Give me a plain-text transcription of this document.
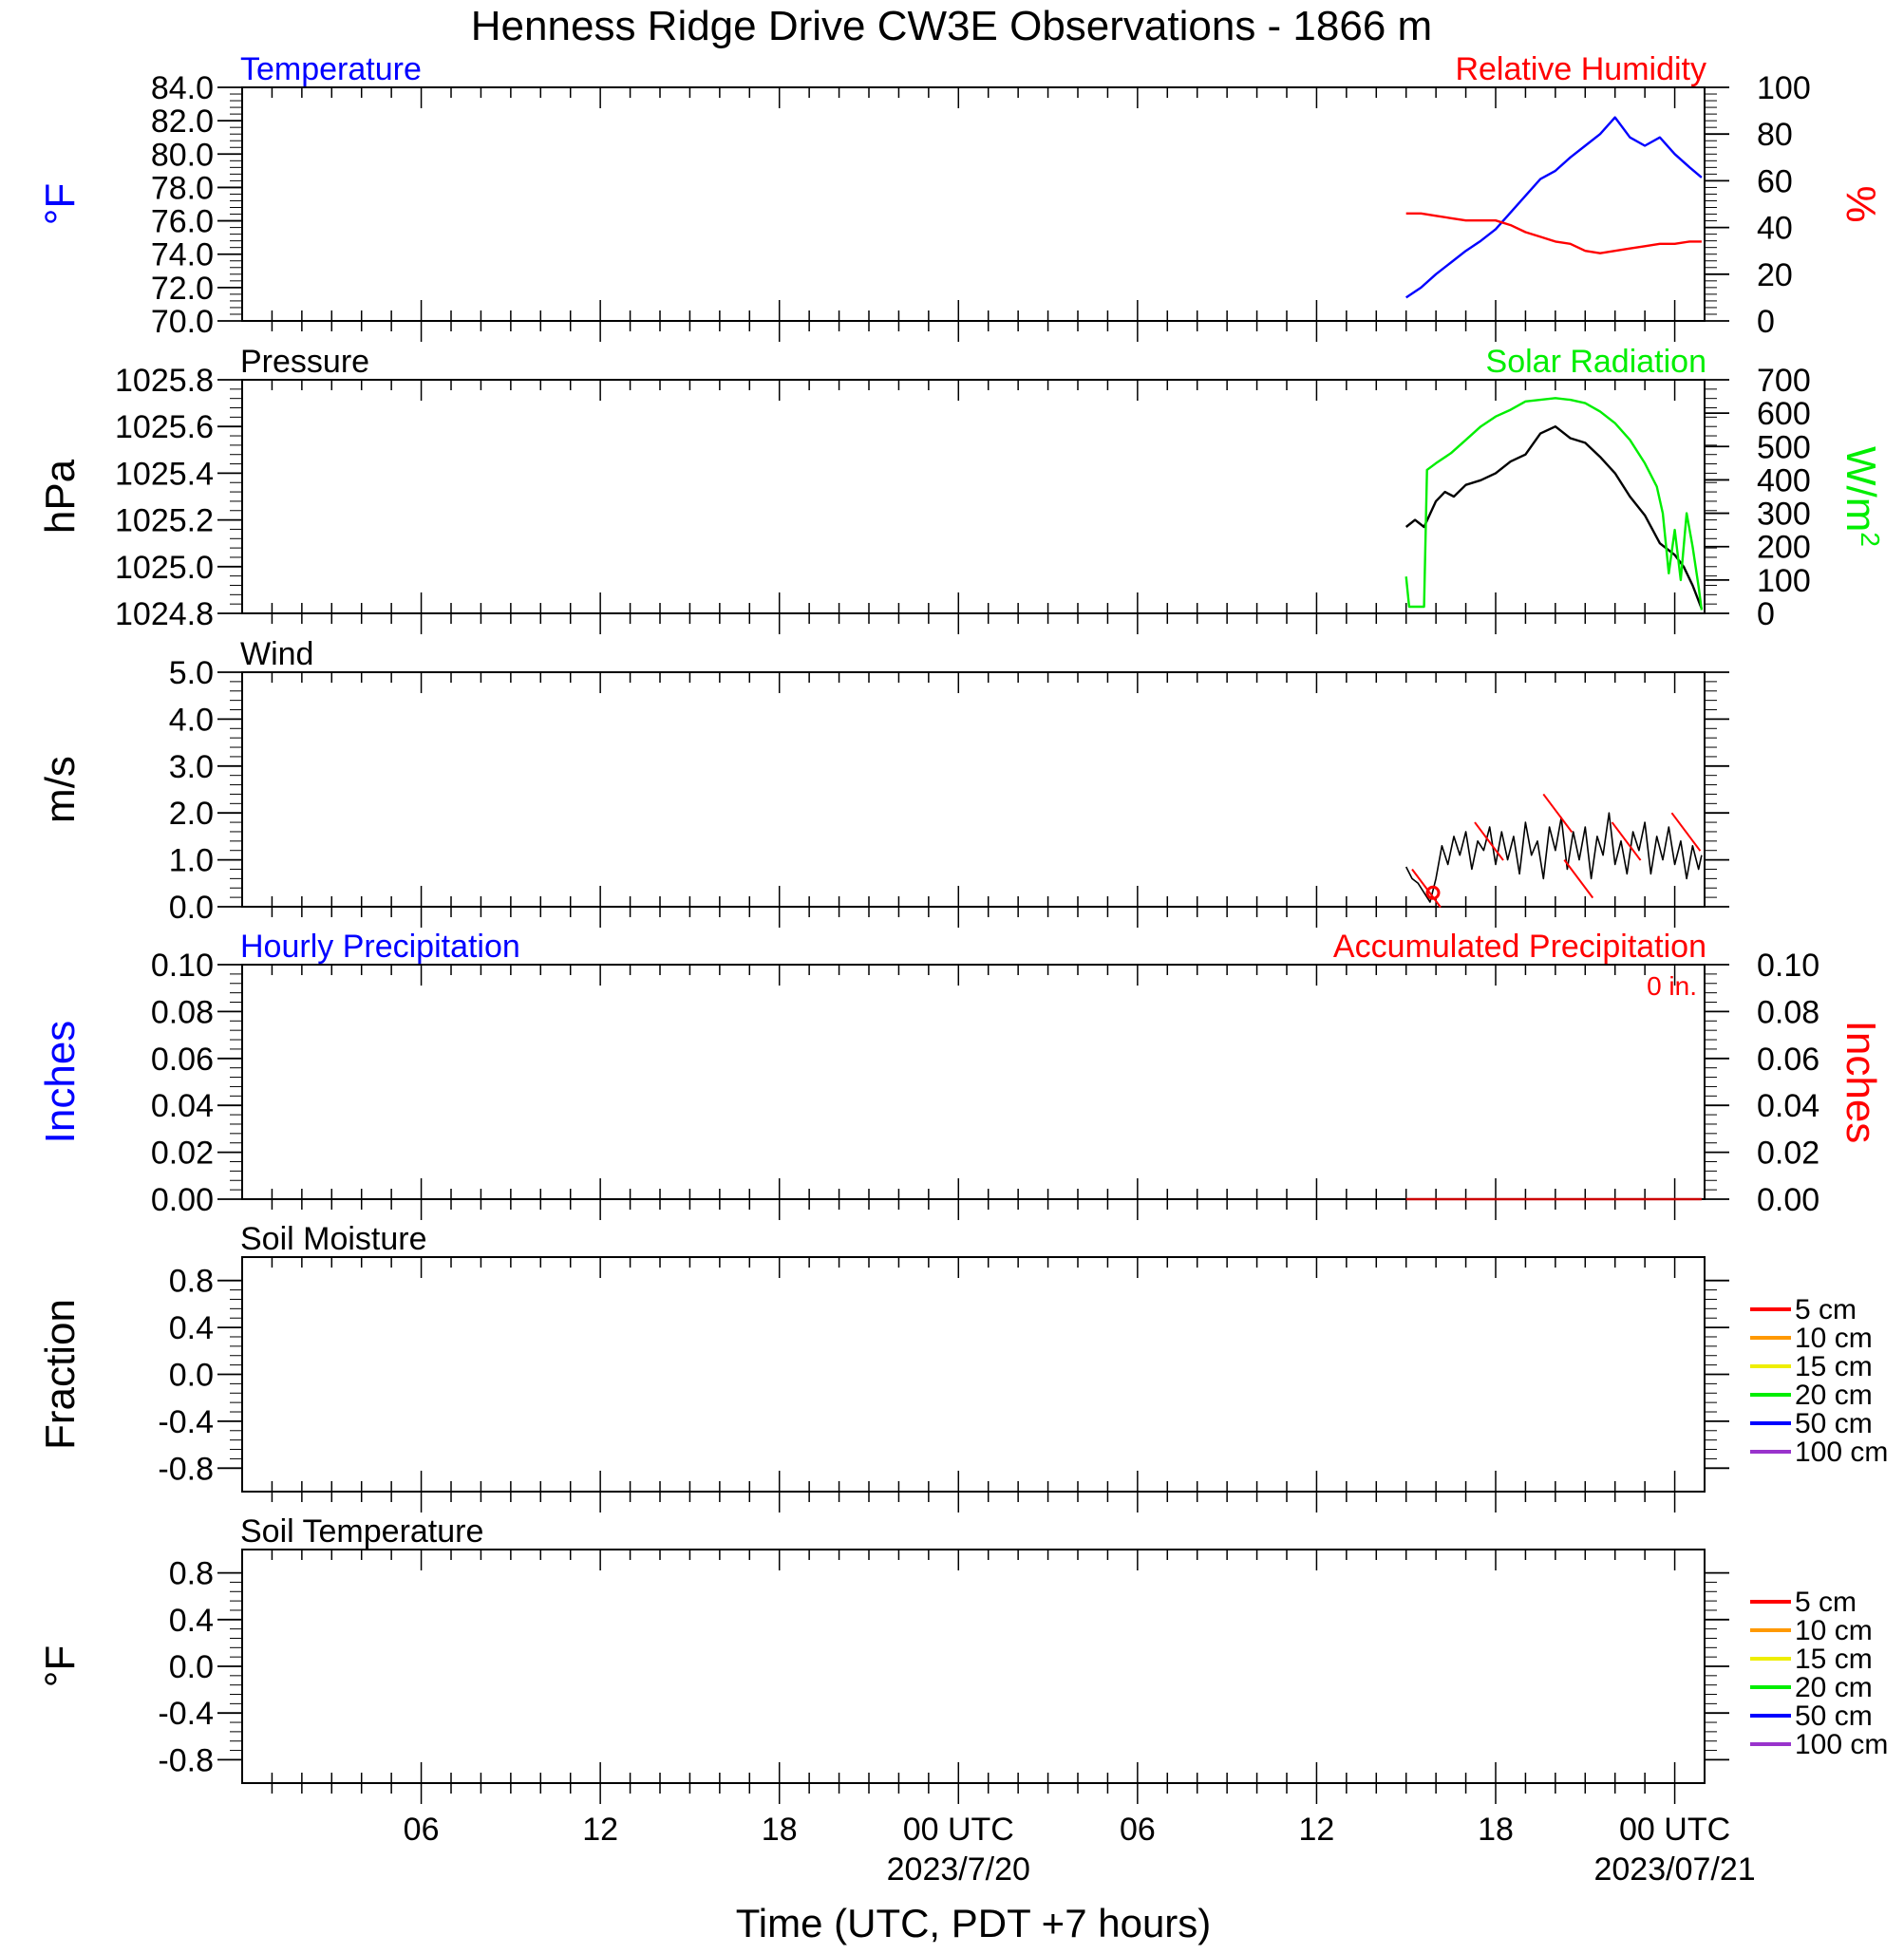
Henness Ridge Drive CW3E Observations - 1866 m
Time (UTC, PDT +7 hours)
70.0
72.0
74.0
76.0
78.0
80.0
82.0
84.0
0
20
40
60
80
100
Temperature	Relative Humidity
°F	%
1024.8
1025.0
1025.2
1025.4
1025.6
1025.8
0
100
200
300
400
500
600
700
Pressure	Solar Radiation
hPa	$W/m^2$
0.0
1.0
2.0
3.0
4.0
5.0
Wind
m/s
0.00
0.02
0.04
0.06
0.08
0.10
0.00
0.02
0.04
0.06
0.08
0.10
Hourly Precipitation	Accumulated Precipitation
0 in.
Inches	Inches
-0.8
-0.4
0.0
0.4
0.8
Soil Moisture
Fraction	5 cm
10 cm
15 cm
20 cm
50 cm
100 cm
-0.8
-0.4
0.0
0.4
0.8
Soil Temperature
°F
5 cm
10 cm
15 cm
20 cm
50 cm
100 cm
06	12	18	00 UTC
2023/7/20
06	12	18	00 UTC
2023/07/21
